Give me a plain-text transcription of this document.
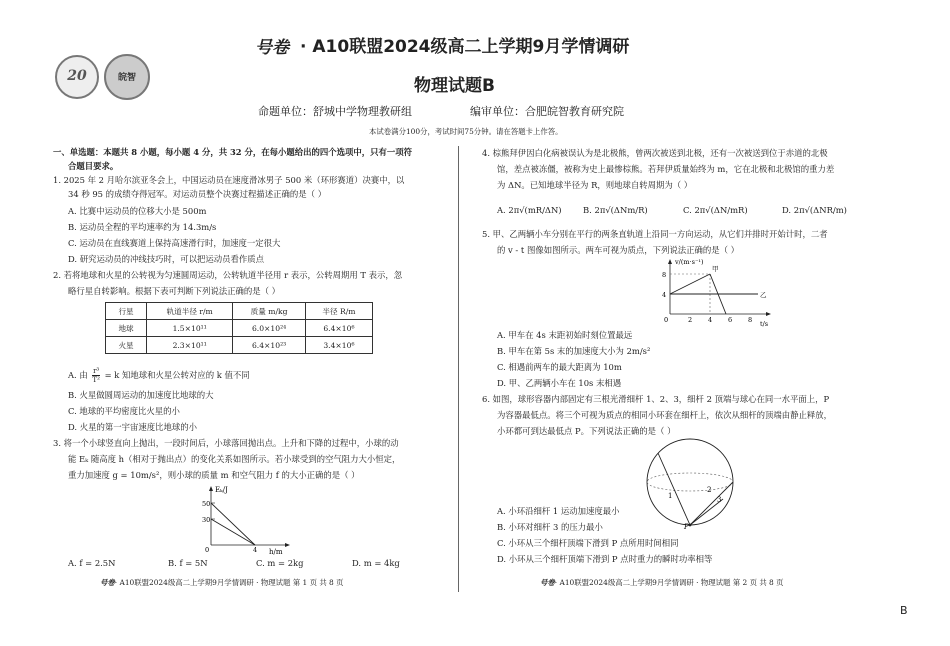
20	皖智
号卷 · A10联盟2024级高二上学期9月学情调研
物理试题B
命题单位：舒城中学物理教研组	编审单位：合肥皖智教育研究院
本试卷满分100分，考试时间75分钟。请在答题卡上作答。
一、单选题：本题共 8 小题，每小题 4 分，共 32 分，在每小题给出的四个选项中，只有一项符
合题目要求。
1. 2025 年 2 月哈尔滨亚冬会上，中国运动员在速度滑冰男子 500 米（环形赛道）决赛中，以
34 秒 95 的成绩夺得冠军。对运动员整个决赛过程描述正确的是（ ）
A. 比赛中运动员的位移大小是 500m
B. 运动员全程的平均速率约为 14.3m/s
C. 运动员在直线赛道上保持高速滑行时，加速度一定很大
D. 研究运动员的冲线技巧时，可以把运动员看作质点
2. 若将地球和火星的公转视为匀速圆周运动，公转轨道半径用 r 表示，公转周期用 T 表示，忽
略行星自转影响。根据下表可判断下列说法正确的是（ ）
行星	轨道半径 r/m	质量 m/kg	半径 R/m
地球	1.5×10¹¹	6.0×10²⁴	6.4×10⁶
火星	2.3×10¹¹	6.4×10²³	3.4×10⁶
A. 由 $\frac{\text{r³}}{\text{T²}} = k$ 知地球和火星公转对应的 k 值不同
B. 火星做圆周运动的加速度比地球的大
C. 地球的平均密度比火星的小
D. 火星的第一宇宙速度比地球的小
3. 将一个小球竖直向上抛出，一段时间后，小球落回抛出点。上升和下降的过程中，小球的动
能 Eₖ 随高度 h（相对于抛出点）的变化关系如图所示。若小球受到的空气阻力大小恒定，
重力加速度 g = 10m/s²，则小球的质量 m 和空气阻力 f 的大小正确的是（ ）
Eₖ/J
50
30
0	4 h/m
A. f = 2.5N	B. f = 5N	C. m = 2kg	D. m = 4kg
号卷· A10联盟2024级高二上学期9月学情调研 · 物理试题 第 1 页 共 8 页
4. 棕熊拜伊因白化病被误认为是北极熊，曾两次被送到北极，还有一次被送到位于赤道的北极
馆，差点被冻僵，被称为史上最惨棕熊。若拜伊质量始终为 m，它在北极和北极馆的重力差
为 ΔN。已知地球半径为 R，则地球自转周期为（ ）
A. 2π√(mR/ΔN)	B. 2π√(ΔNm/R)	C. 2π√(ΔN/mR)	D. 2π√(ΔNR/m)
5. 甲、乙两辆小车分别在平行的两条直轨道上沿同一方向运动，从它们并排时开始计时，二者
的 v - t 图像如图所示。两车可视为质点，下列说法正确的是（ ）
v/(m·s⁻¹)
8
4
0	2 4 6 8 t/s
甲
乙
A. 甲车在 4s 末距初始时刻位置最远
B. 甲车在第 5s 末的加速度大小为 2m/s²
C. 相遇前两车的最大距离为 10m
D. 甲、乙两辆小车在 10s 末相遇
6. 如图，球形容器内部固定有三根光滑细杆 1、2、3，细杆 2 顶端与球心在同一水平面上，P
为容器最低点。将三个可视为质点的相同小环套在细杆上，依次从细杆的顶端由静止释放，
小环都可到达最低点 P。下列说法正确的是（ ）
1
2
3
P
A. 小环沿细杆 1 运动加速度最小
B. 小环对细杆 3 的压力最小
C. 小环从三个细杆顶端下滑到 P 点所用时间相同
D. 小环从三个细杆顶端下滑到 P 点时重力的瞬时功率相等
号卷· A10联盟2024级高二上学期9月学情调研 · 物理试题 第 2 页 共 8 页
B
